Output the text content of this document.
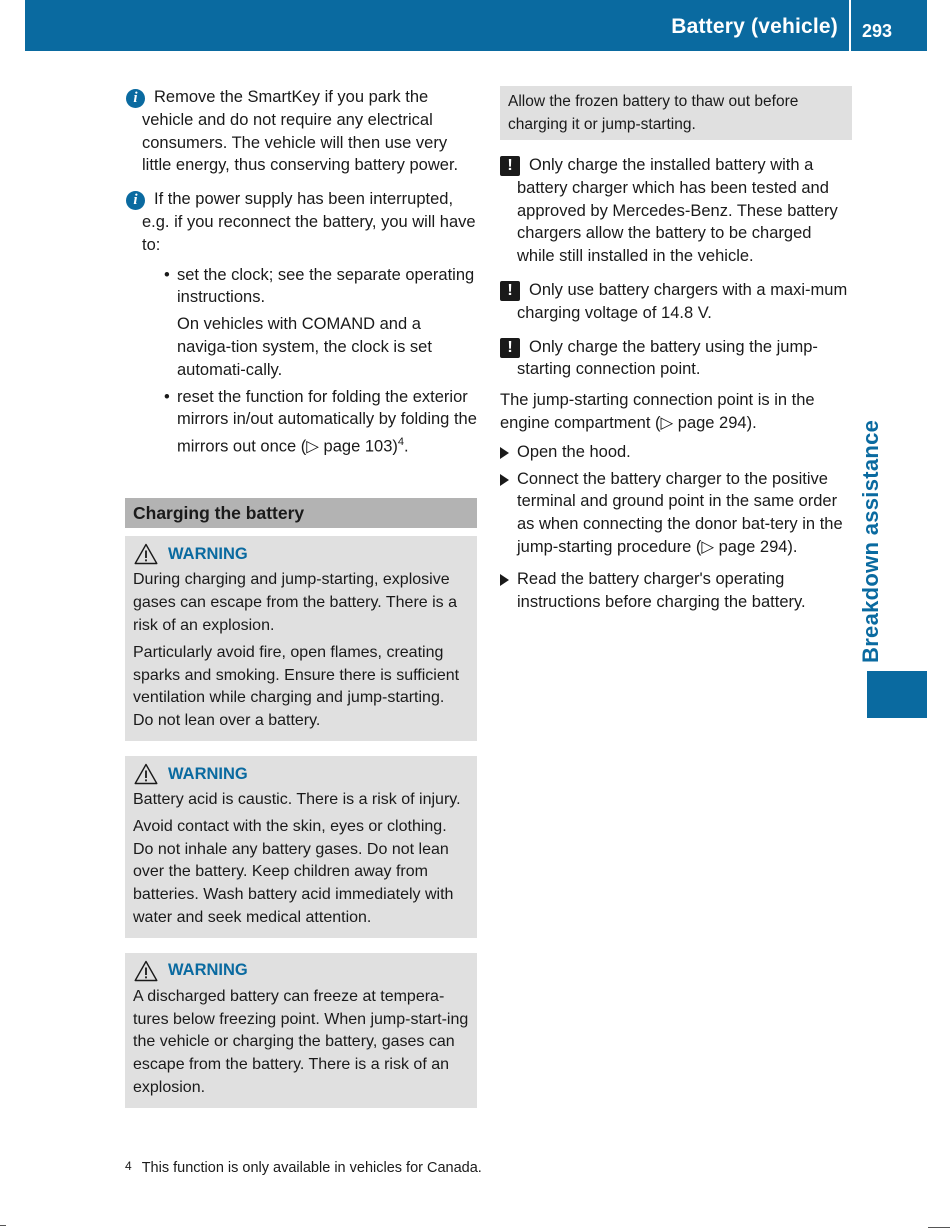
Battery (vehicle) 293
Breakdown assistance
i Remove the SmartKey if you park the vehicle and do not require any electrical consumers. The vehicle will then use very little energy, thus conserving battery power.
i If the power supply has been interrupted, e.g. if you reconnect the battery, you will have to:
• set the clock; see the separate operating instructions.
On vehicles with COMAND and a naviga-tion system, the clock is set automati-cally.
• reset the function for folding the exterior mirrors in/out automatically by folding the mirrors out once (▷ page 103)$^4$.
Charging the battery
WARNING

During charging and jump-starting, explosive gases can escape from the battery. There is a risk of an explosion.

Particularly avoid fire, open flames, creating sparks and smoking. Ensure there is sufficient ventilation while charging and jump-starting. Do not lean over a battery.

WARNING

Battery acid is caustic. There is a risk of injury.

Avoid contact with the skin, eyes or clothing. Do not inhale any battery gases. Do not lean over the battery. Keep children away from batteries. Wash battery acid immediately with water and seek medical attention.

WARNING

A discharged battery can freeze at tempera-tures below freezing point. When jump-start-ing the vehicle or charging the battery, gases can escape from the battery. There is a risk of an explosion.

Allow the frozen battery to thaw out before charging it or jump-starting.
! Only charge the installed battery with a battery charger which has been tested and approved by Mercedes-Benz. These battery chargers allow the battery to be charged while still installed in the vehicle.
! Only use battery chargers with a maxi-mum charging voltage of 14.8 V.
! Only charge the battery using the jump-starting connection point.

The jump-starting connection point is in the engine compartment (▷ page 294).

Open the hood.
Connect the battery charger to the positive terminal and ground point in the same order as when connecting the donor bat-tery in the jump-starting procedure (▷ page 294).
Read the battery charger's operating instructions before charging the battery.
4 This function is only available in vehicles for Canada.
